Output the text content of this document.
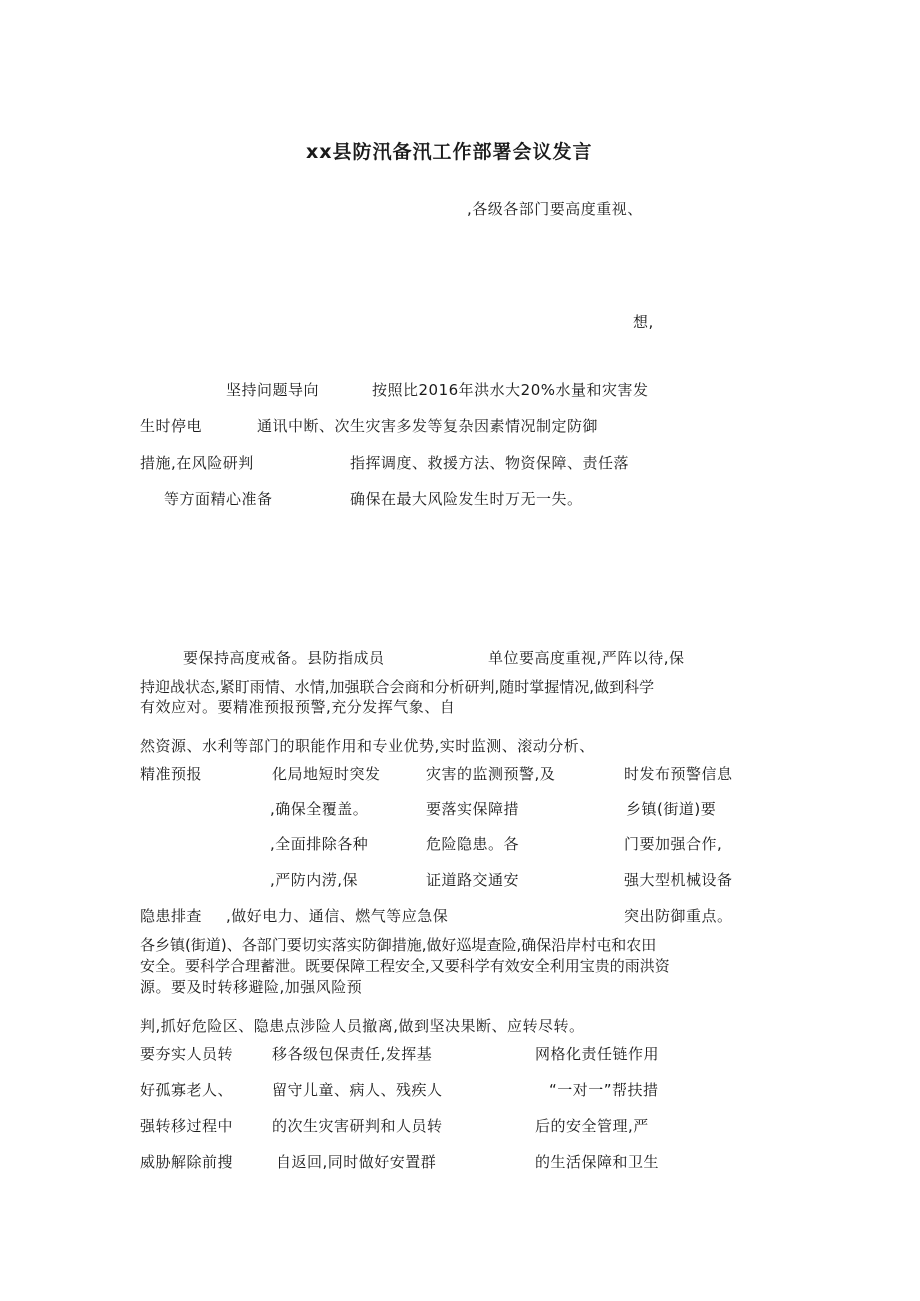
xx县防汛备汛工作部署会议发言
,各级各部门要高度重视、
想,
坚持问题导向	按照比2016年洪水大20%水量和灾害发
生时停电	通讯中断、次生灾害多发等复杂因素情况制定防御
措施,在风险研判	指挥调度、救援方法、物资保障、责任落
等方面精心准备	确保在最大风险发生时万无一失。
要保持高度戒备。县防指成员	单位要高度重视,严阵以待,保
持迎战状态,紧盯雨情、水情,加强联合会商和分析研判,随时掌握情况,做到科学
有效应对。要精准预报预警,充分发挥气象、自
然资源、水利等部门的职能作用和专业优势,实时监测、滚动分析、
精准预报	化局地短时突发	灾害的监测预警,及	时发布预警信息
,确保全覆盖。	要落实保障措	乡镇(街道)要
,全面排除各种	危险隐患。各	门要加强合作,
,严防内涝,保	证道路交通安	强大型机械设备
隐患排查 ,做好电力、通信、燃气等应急保	突出防御重点。
各乡镇(街道)、各部门要切实落实防御措施,做好巡堤查险,确保沿岸村屯和农田
安全。要科学合理蓄泄。既要保障工程安全,又要科学有效安全利用宝贵的雨洪资
源。要及时转移避险,加强风险预
判,抓好危险区、隐患点涉险人员撤离,做到坚决果断、应转尽转。
要夯实人员转	移各级包保责任,发挥基	网格化责任链作用
好孤寡老人、	留守儿童、病人、残疾人	“一对一”帮扶措
强转移过程中	的次生灾害研判和人员转	后的安全管理,严
威胁解除前搜	自返回,同时做好安置群	的生活保障和卫生
